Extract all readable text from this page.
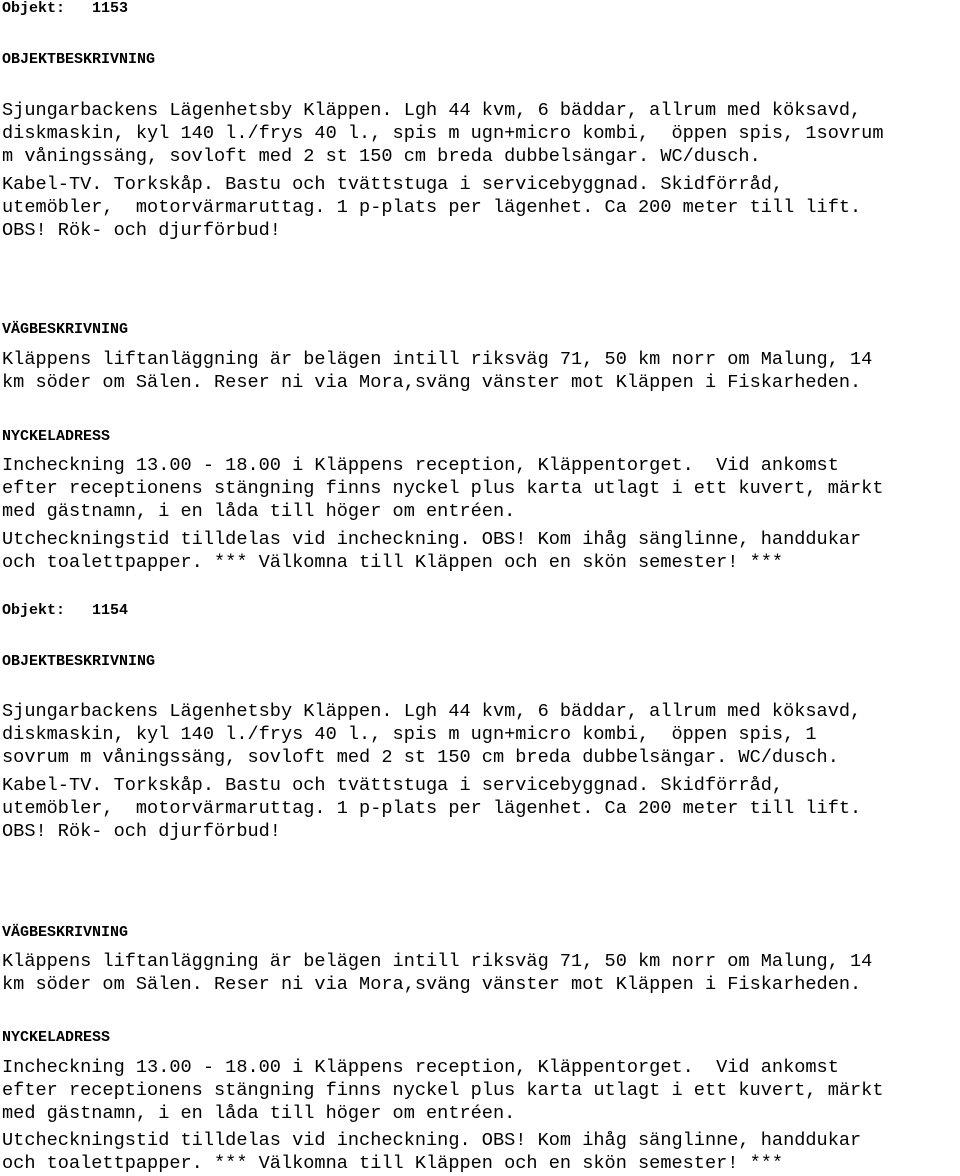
Objekt: 1153
OBJEKTBESKRIVNING
Sjungarbackens Lägenhetsby Kläppen. Lgh 44 kvm, 6 bäddar, allrum med köksavd,
diskmaskin, kyl 140 l./frys 40 l., spis m ugn+micro kombi,  öppen spis, 1sovrum
m våningssäng, sovloft med 2 st 150 cm breda dubbelsängar. WC/dusch.
Kabel-TV. Torkskåp. Bastu och tvättstuga i servicebyggnad. Skidförråd,
utemöbler,  motorvärmaruttag. 1 p-plats per lägenhet. Ca 200 meter till lift.
OBS! Rök- och djurförbud!
VÄGBESKRIVNING
Kläppens liftanläggning är belägen intill riksväg 71, 50 km norr om Malung, 14
km söder om Sälen. Reser ni via Mora,sväng vänster mot Kläppen i Fiskarheden.
NYCKELADRESS
Incheckning 13.00 - 18.00 i Kläppens reception, Kläppentorget.  Vid ankomst
efter receptionens stängning finns nyckel plus karta utlagt i ett kuvert, märkt
med gästnamn, i en låda till höger om entréen.
Utcheckningstid tilldelas vid incheckning. OBS! Kom ihåg sänglinne, handdukar
och toalettpapper. *** Välkomna till Kläppen och en skön semester! ***
Objekt: 1154
OBJEKTBESKRIVNING
Sjungarbackens Lägenhetsby Kläppen. Lgh 44 kvm, 6 bäddar, allrum med köksavd,
diskmaskin, kyl 140 l./frys 40 l., spis m ugn+micro kombi,  öppen spis, 1
sovrum m våningssäng, sovloft med 2 st 150 cm breda dubbelsängar. WC/dusch.
Kabel-TV. Torkskåp. Bastu och tvättstuga i servicebyggnad. Skidförråd,
utemöbler,  motorvärmaruttag. 1 p-plats per lägenhet. Ca 200 meter till lift.
OBS! Rök- och djurförbud!
VÄGBESKRIVNING
Kläppens liftanläggning är belägen intill riksväg 71, 50 km norr om Malung, 14
km söder om Sälen. Reser ni via Mora,sväng vänster mot Kläppen i Fiskarheden.
NYCKELADRESS
Incheckning 13.00 - 18.00 i Kläppens reception, Kläppentorget.  Vid ankomst
efter receptionens stängning finns nyckel plus karta utlagt i ett kuvert, märkt
med gästnamn, i en låda till höger om entréen.
Utcheckningstid tilldelas vid incheckning. OBS! Kom ihåg sänglinne, handdukar
och toalettpapper. *** Välkomna till Kläppen och en skön semester! ***
